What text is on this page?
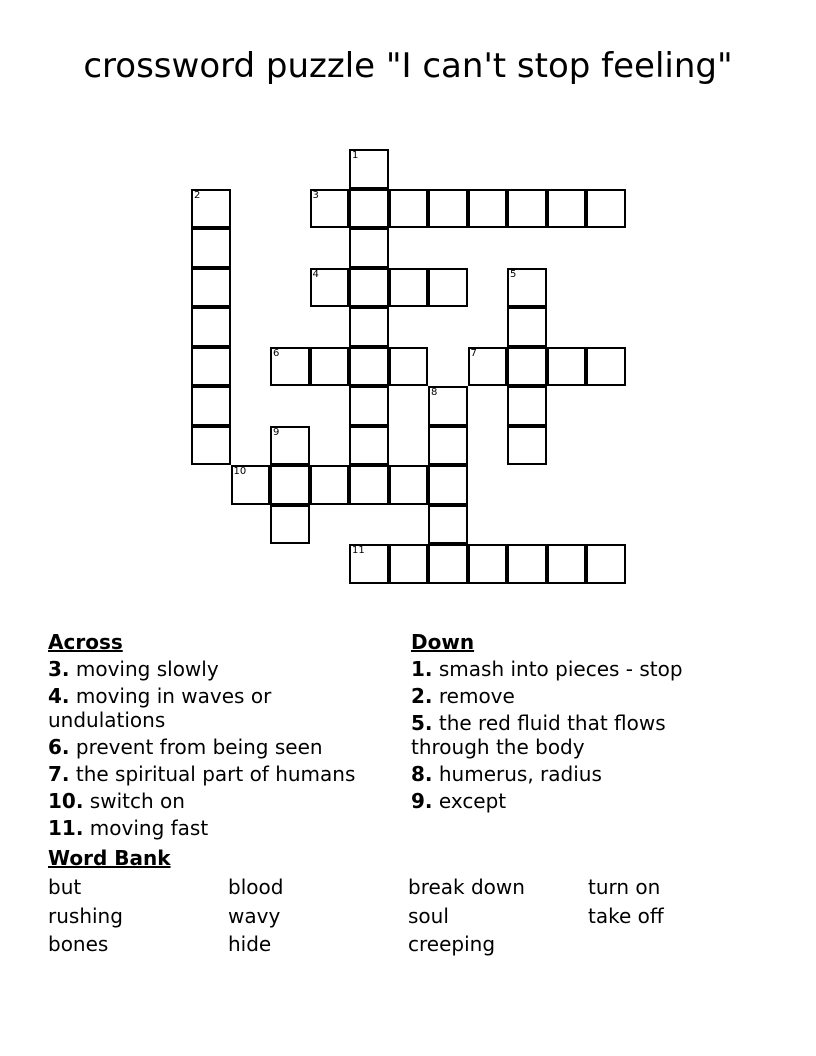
crossword puzzle "I can't stop feeling"
1
2	3
4	5
6	7
8
9
10
11
Across
3. moving slowly
4. moving in waves or undulations
6. prevent from being seen
7. the spiritual part of humans
10. switch on
11. moving fast
Down
1. smash into pieces - stop
2. remove
5. the red fluid that flows through the body
8. humerus, radius
9. except
Word Bank
but	blood	break down	turn on
rushing	wavy	soul	take off
bones	hide	creeping
